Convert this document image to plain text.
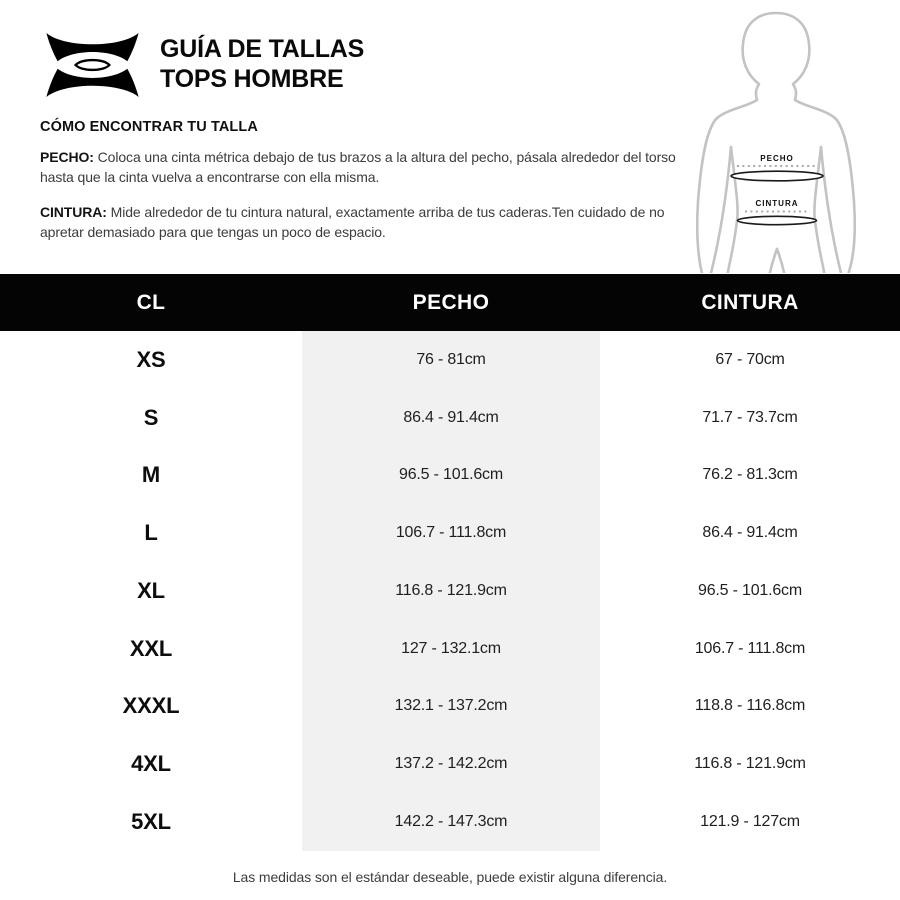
GUÍA DE TALLAS
TOPS HOMBRE
CÓMO ENCONTRAR TU TALLA

PECHO: Coloca una cinta métrica debajo de tus brazos a la altura del pecho, pásala alrededor del torso hasta que la cinta vuelva a encontrarse con ella misma.

CINTURA: Mide alrededor de tu cintura natural, exactamente arriba de tus caderas.Ten cuidado de no apretar demasiado para que tengas un poco de espacio.

PECHO
CINTURA
CL	PECHO	CINTURA
XS	76 - 81cm	67 - 70cm
S	86.4 - 91.4cm	71.7 - 73.7cm
M	96.5 - 101.6cm	76.2 - 81.3cm
L	106.7 - 111.8cm	86.4 - 91.4cm
XL	116.8 - 121.9cm	96.5 - 101.6cm
XXL	127 - 132.1cm	106.7 - 111.8cm
XXXL	132.1 - 137.2cm	118.8 - 116.8cm
4XL	137.2 - 142.2cm	116.8 - 121.9cm
5XL	142.2 - 147.3cm	121.9 - 127cm
Las medidas son el estándar deseable, puede existir alguna diferencia.
